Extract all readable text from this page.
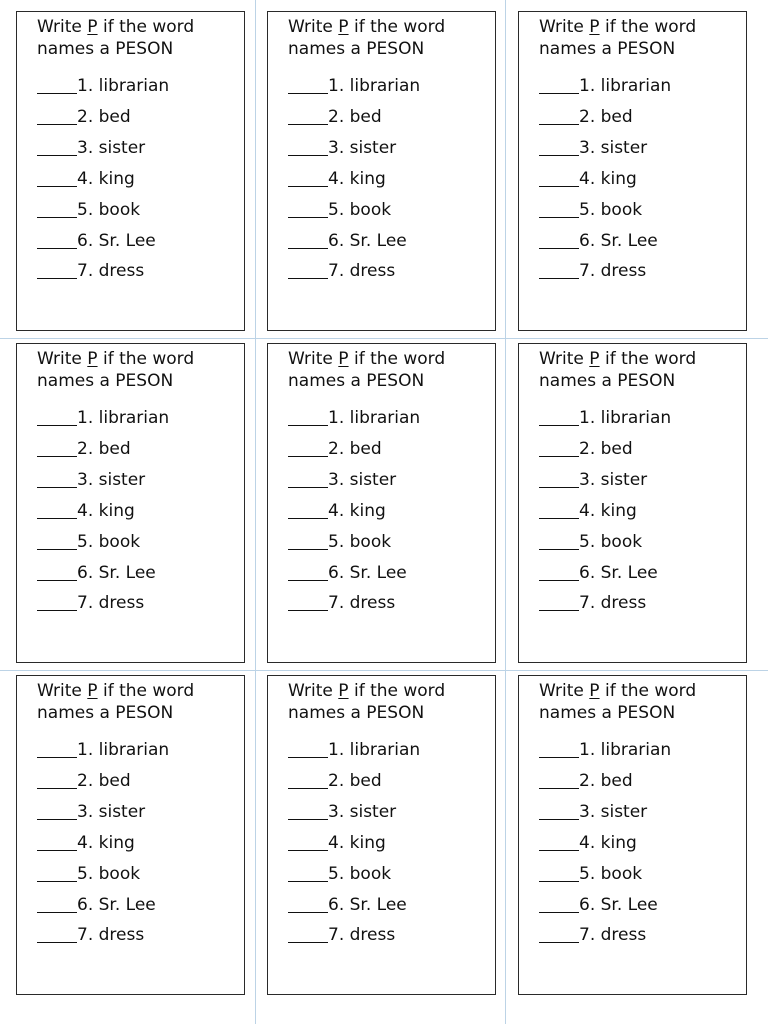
Write P if the word
names a PESON
1. librarian
2. bed
3. sister
4. king
5. book
6. Sr. Lee
7. dress
Write P if the word
names a PESON
1. librarian
2. bed
3. sister
4. king
5. book
6. Sr. Lee
7. dress
Write P if the word
names a PESON
1. librarian
2. bed
3. sister
4. king
5. book
6. Sr. Lee
7. dress
Write P if the word
names a PESON
1. librarian
2. bed
3. sister
4. king
5. book
6. Sr. Lee
7. dress
Write P if the word
names a PESON
1. librarian
2. bed
3. sister
4. king
5. book
6. Sr. Lee
7. dress
Write P if the word
names a PESON
1. librarian
2. bed
3. sister
4. king
5. book
6. Sr. Lee
7. dress
Write P if the word
names a PESON
1. librarian
2. bed
3. sister
4. king
5. book
6. Sr. Lee
7. dress
Write P if the word
names a PESON
1. librarian
2. bed
3. sister
4. king
5. book
6. Sr. Lee
7. dress
Write P if the word
names a PESON
1. librarian
2. bed
3. sister
4. king
5. book
6. Sr. Lee
7. dress
